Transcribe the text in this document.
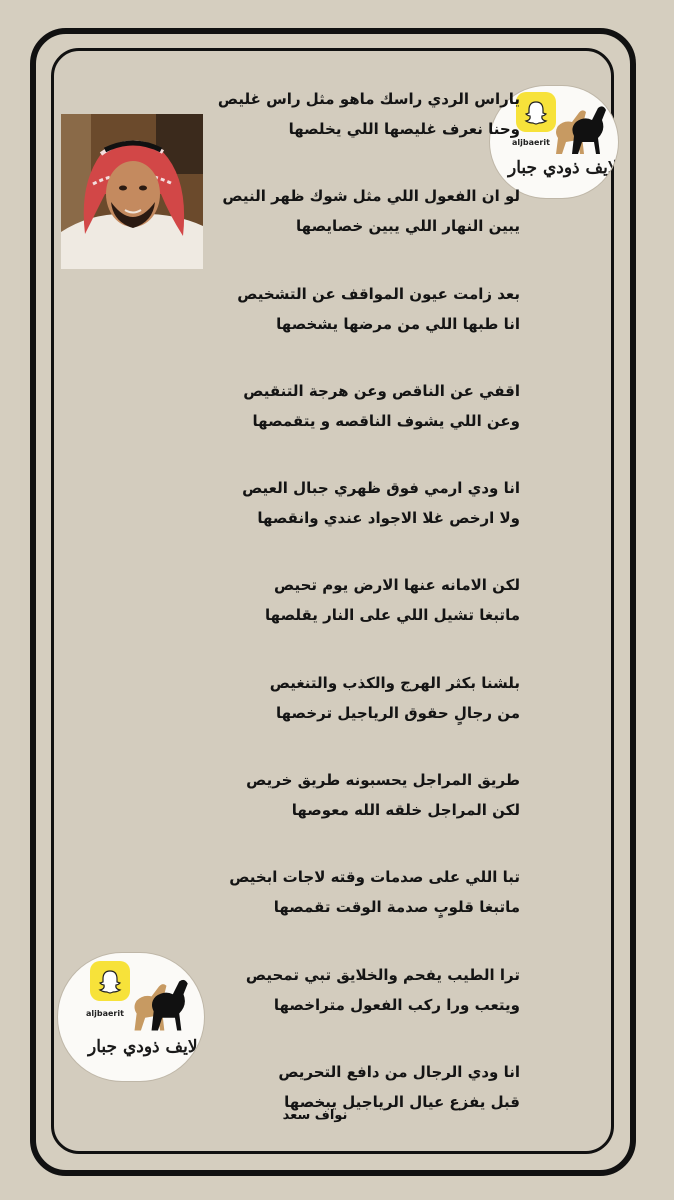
aljbaerit
لايف ذودي جبار
aljbaerit
لايف ذودي جبار
ياراس الردي راسك ماهو مثل راس غليص
وحنا نعرف غليصها اللي يخلصها
لو ان الفعول اللي مثل شوك ظهر النيص
يبين النهار اللي يبين خصايصها
بعد زامت عيون المواقف عن التشخيص
انا طبها اللي من مرضها يشخصها
اقفي عن الناقص وعن هرجة التنقيص
وعن اللي يشوف الناقصه و يتقمصها
انا ودي ارمي فوق ظهري جبال العيص
ولا ارخص غلا الاجواد عندي وانقصها
لكن الامانه عنها الارض يوم تحيص
ماتبغا تشيل اللي على النار يقلصها
بلشنا بكثر الهرج والكذب والتنغيص
من رجالٍ حقوق الرياجيل ترخصها
طريق المراجل يحسبونه طريق خريص
لكن المراجل خلقه الله معوصها
تبا اللي على صدمات وقته لاجات ابخيص
ماتبغا قلوبٍ صدمة الوقت تقمصها
ترا الطيب يفحم والخلايق تبي تمحيص
ويتعب ورا ركب الفعول متراخصها
انا ودي الرجال من دافع التحريص
قبل يفزع عيال الرياجيل يبخصها
نواف سعد
